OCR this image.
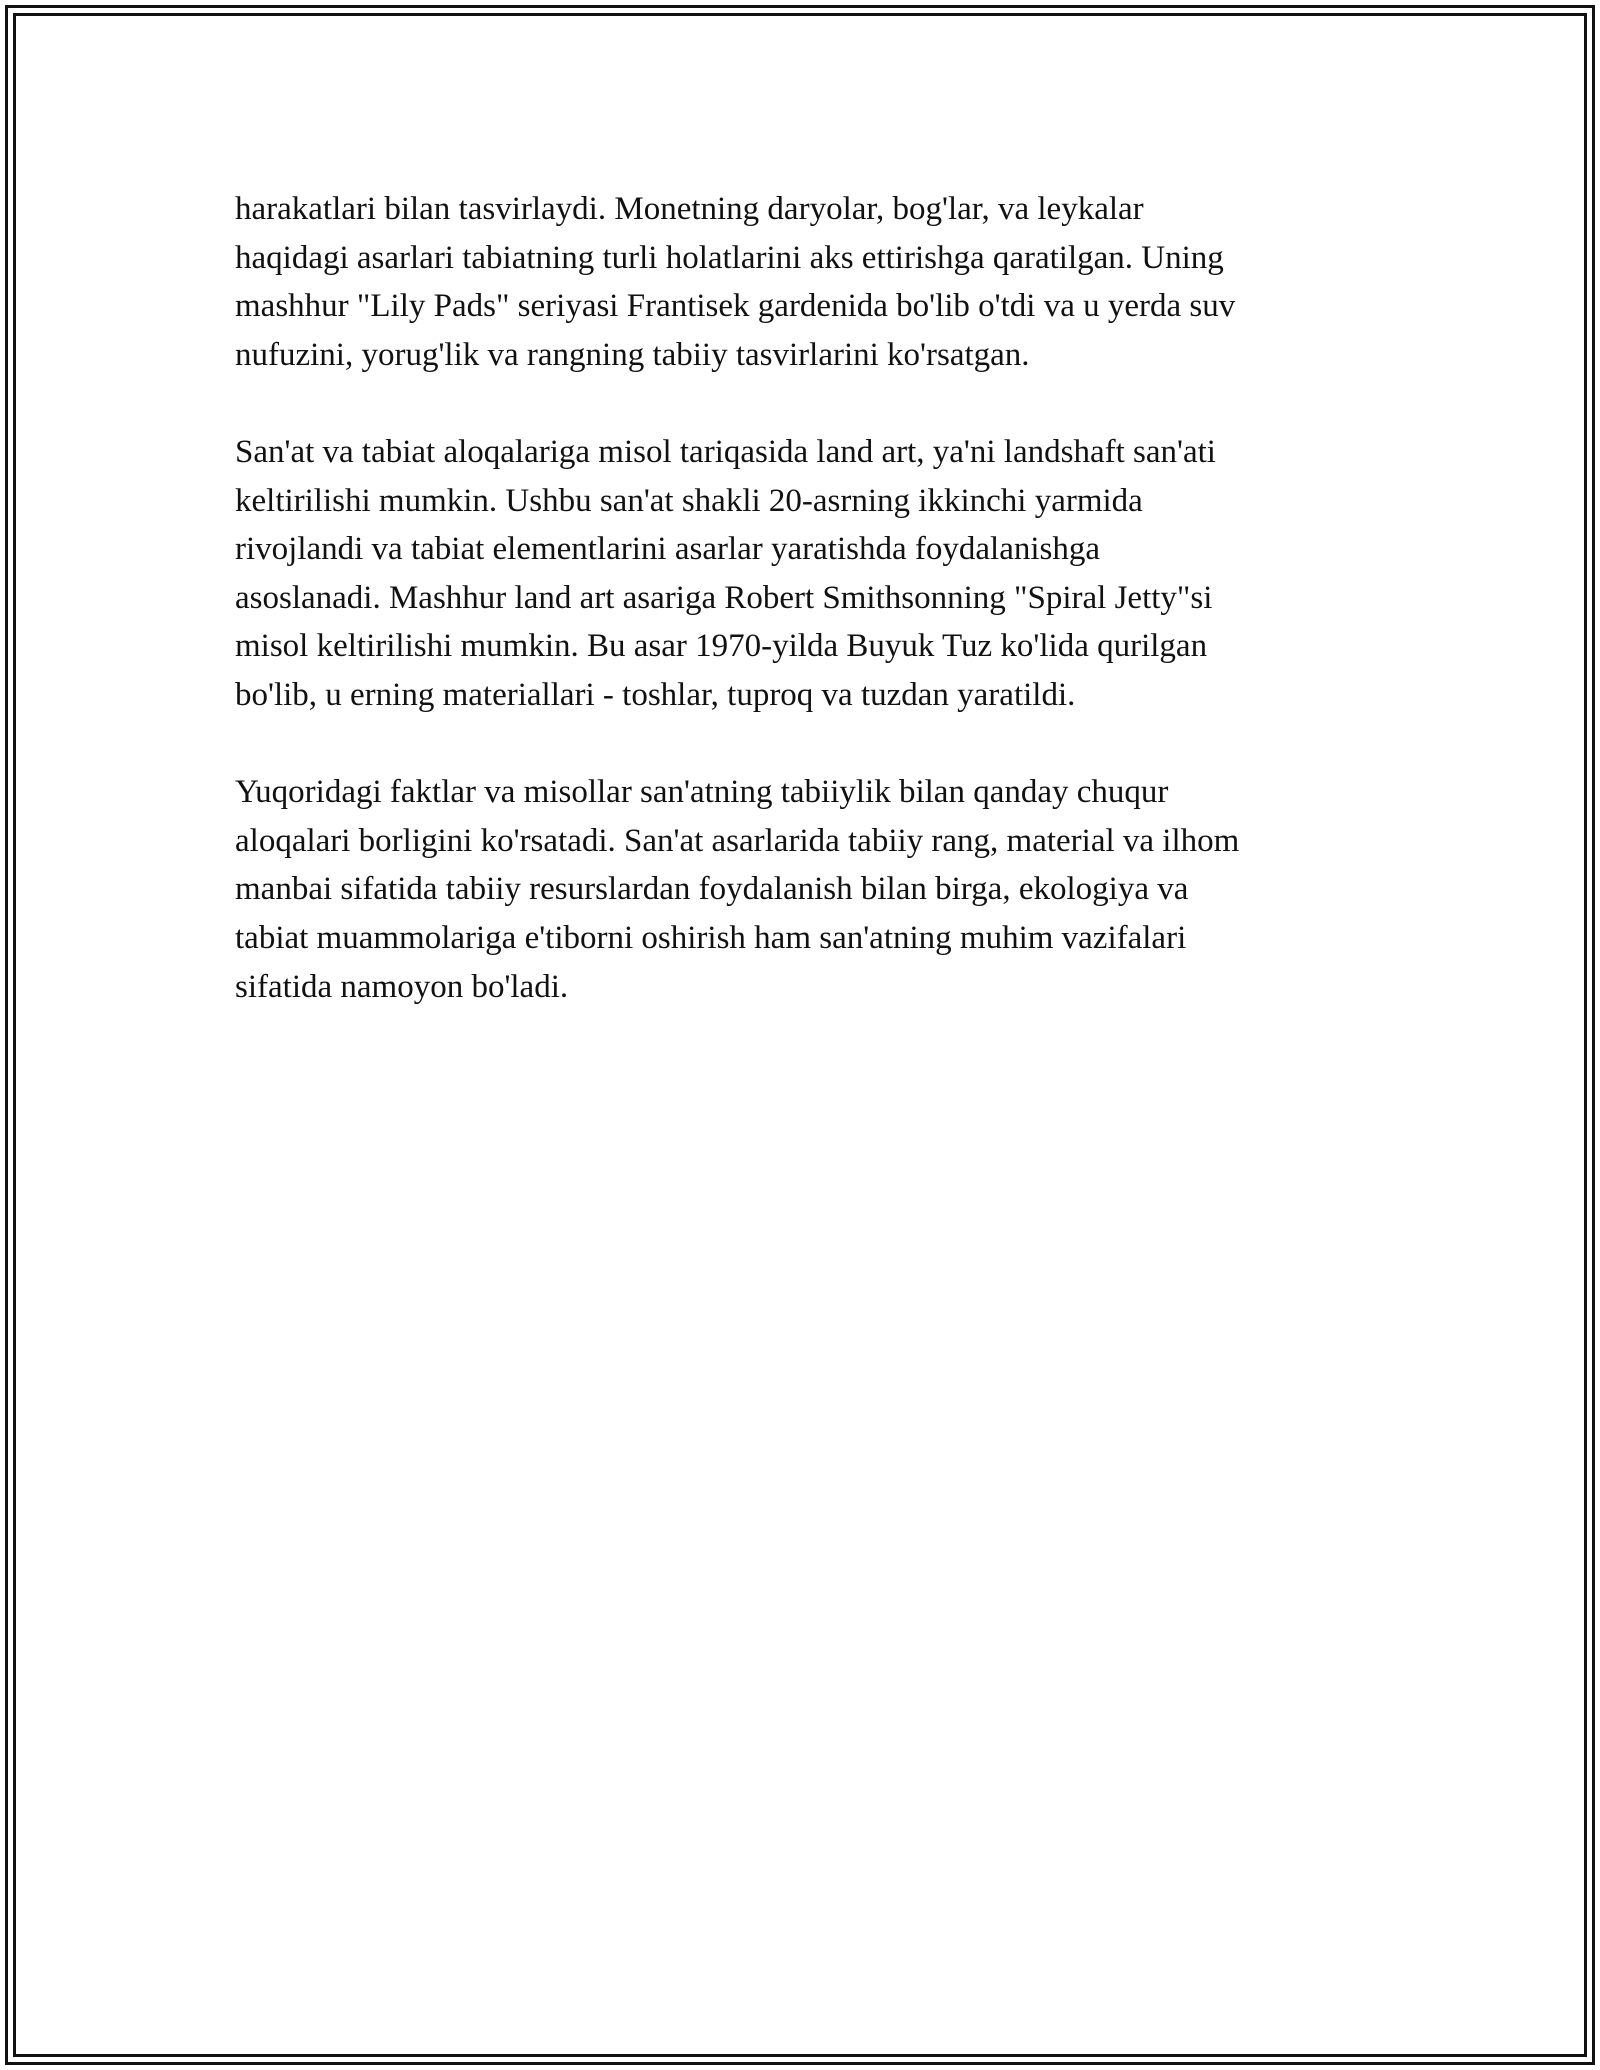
harakatlari bilan tasvirlaydi. Monetning daryolar, bog'lar, va leykalar
haqidagi asarlari tabiatning turli holatlarini aks ettirishga qaratilgan. Uning
mashhur "Lily Pads" seriyasi Frantisek gardenida bo'lib o'tdi va u yerda suv
nufuzini, yorug'lik va rangning tabiiy tasvirlarini ko'rsatgan.

San'at va tabiat aloqalariga misol tariqasida land art, ya'ni landshaft san'ati
keltirilishi mumkin. Ushbu san'at shakli 20-asrning ikkinchi yarmida
rivojlandi va tabiat elementlarini asarlar yaratishda foydalanishga
asoslanadi. Mashhur land art asariga Robert Smithsonning "Spiral Jetty"si
misol keltirilishi mumkin. Bu asar 1970-yilda Buyuk Tuz ko'lida qurilgan
bo'lib, u erning materiallari - toshlar, tuproq va tuzdan yaratildi.

Yuqoridagi faktlar va misollar san'atning tabiiylik bilan qanday chuqur
aloqalari borligini ko'rsatadi. San'at asarlarida tabiiy rang, material va ilhom
manbai sifatida tabiiy resurslardan foydalanish bilan birga, ekologiya va
tabiat muammolariga e'tiborni oshirish ham san'atning muhim vazifalari
sifatida namoyon bo'ladi.
